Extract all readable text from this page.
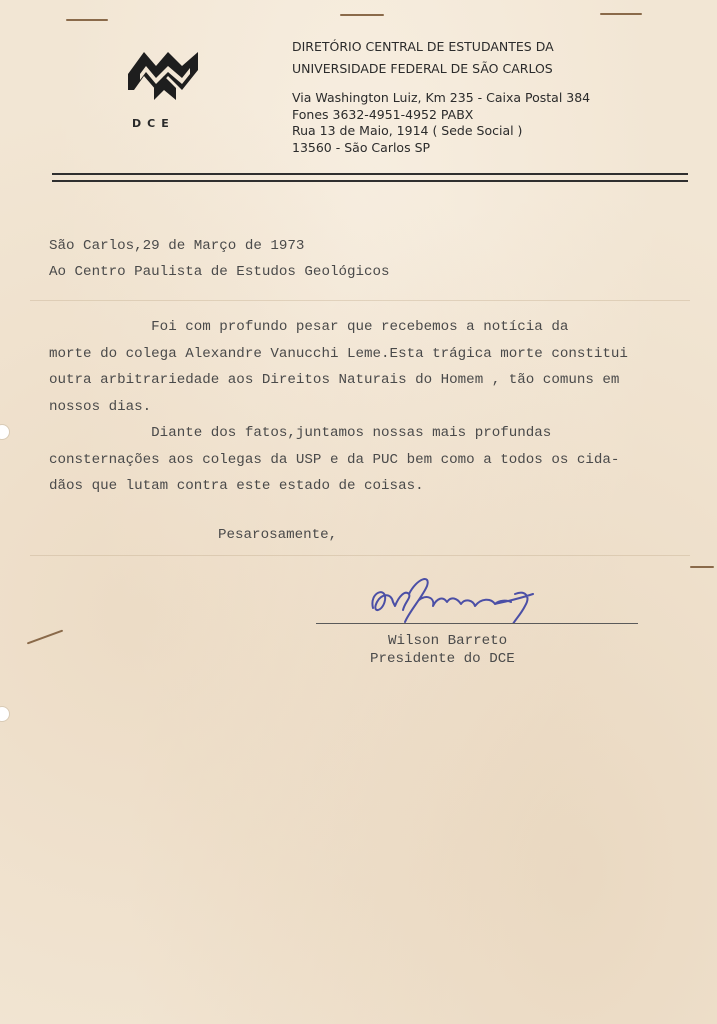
DCE
DIRETÓRIO CENTRAL DE ESTUDANTES DA
UNIVERSIDADE FEDERAL DE SÃO CARLOS
Via Washington Luiz, Km 235 - Caixa Postal 384
Fones 3632-4951-4952 PABX
Rua 13 de Maio, 1914 ( Sede Social )
13560 - São Carlos SP
São Carlos,29 de Março de 1973
Ao Centro Paulista de Estudos Geológicos
Foi com profundo pesar que recebemos a notícia da
morte do colega Alexandre Vanucchi Leme.Esta trágica morte constitui
outra arbitrariedade aos Direitos Naturais do Homem , tão comuns em
nossos dias.
Diante dos fatos,juntamos nossas mais profundas
consternações aos colegas da USP e da PUC bem como a todos os cida-
dãos que lutam contra este estado de coisas.
Pesarosamente,
Wilson Barreto
Presidente do DCE
